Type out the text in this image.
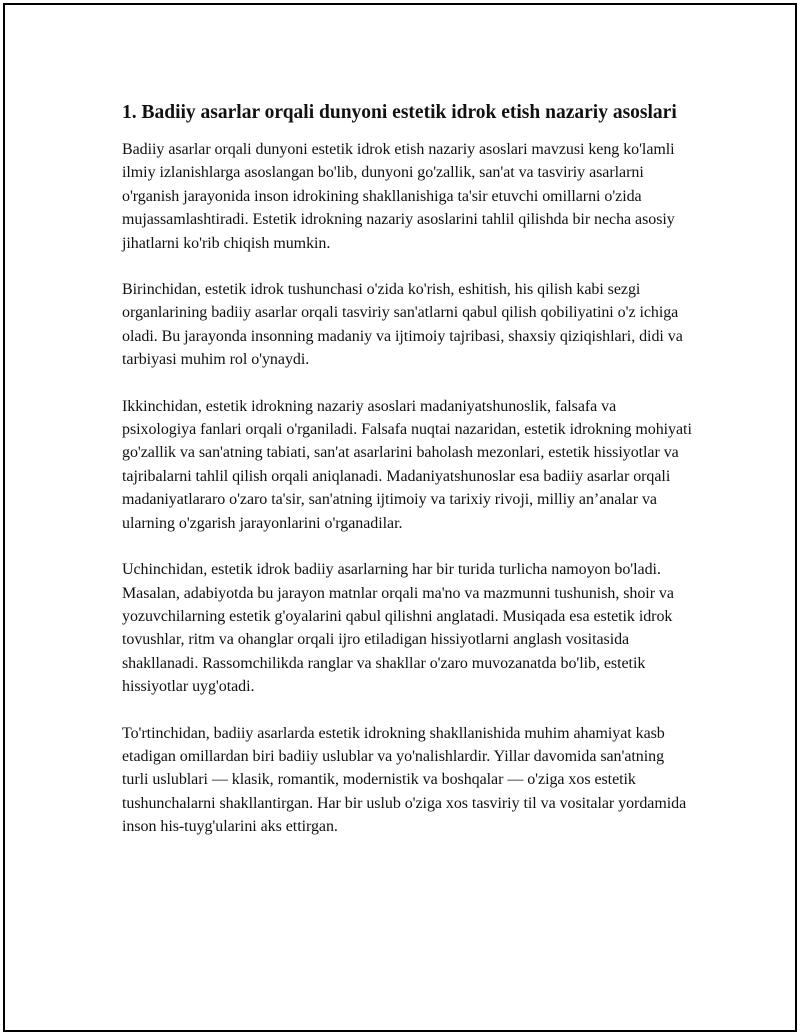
1. Badiiy asarlar orqali dunyoni estetik idrok etish nazariy asoslari

Badiiy asarlar orqali dunyoni estetik idrok etish nazariy asoslari mavzusi keng ko'lamli ilmiy izlanishlarga asoslangan bo'lib, dunyoni go'zallik, san'at va tasviriy asarlarni o'rganish jarayonida inson idrokining shakllanishiga ta'sir etuvchi omillarni o'zida mujassamlashtiradi. Estetik idrokning nazariy asoslarini tahlil qilishda bir necha asosiy jihatlarni ko'rib chiqish mumkin.

Birinchidan, estetik idrok tushunchasi o'zida ko'rish, eshitish, his qilish kabi sezgi organlarining badiiy asarlar orqali tasviriy san'atlarni qabul qilish qobiliyatini o'z ichiga oladi. Bu jarayonda insonning madaniy va ijtimoiy tajribasi, shaxsiy qiziqishlari, didi va tarbiyasi muhim rol o'ynaydi.

Ikkinchidan, estetik idrokning nazariy asoslari madaniyatshunoslik, falsafa va psixologiya fanlari orqali o'rganiladi. Falsafa nuqtai nazaridan, estetik idrokning mohiyati go'zallik va san'atning tabiati, san'at asarlarini baholash mezonlari, estetik hissiyotlar va tajribalarni tahlil qilish orqali aniqlanadi. Madaniyatshunoslar esa badiiy asarlar orqali madaniyatlararo o'zaro ta'sir, san'atning ijtimoiy va tarixiy rivoji, milliy an’analar va ularning o'zgarish jarayonlarini o'rganadilar.

Uchinchidan, estetik idrok badiiy asarlarning har bir turida turlicha namoyon bo'ladi. Masalan, adabiyotda bu jarayon matnlar orqali ma'no va mazmunni tushunish, shoir va yozuvchilarning estetik g'oyalarini qabul qilishni anglatadi. Musiqada esa estetik idrok tovushlar, ritm va ohanglar orqali ijro etiladigan hissiyotlarni anglash vositasida shakllanadi. Rassomchilikda ranglar va shakllar o'zaro muvozanatda bo'lib, estetik hissiyotlar uyg'otadi.

To'rtinchidan, badiiy asarlarda estetik idrokning shakllanishida muhim ahamiyat kasb etadigan omillardan biri badiiy uslublar va yo'nalishlardir. Yillar davomida san'atning turli uslublari — klasik, romantik, modernistik va boshqalar — o'ziga xos estetik tushunchalarni shakllantirgan. Har bir uslub o'ziga xos tasviriy til va vositalar yordamida inson his-tuyg'ularini aks ettirgan.
